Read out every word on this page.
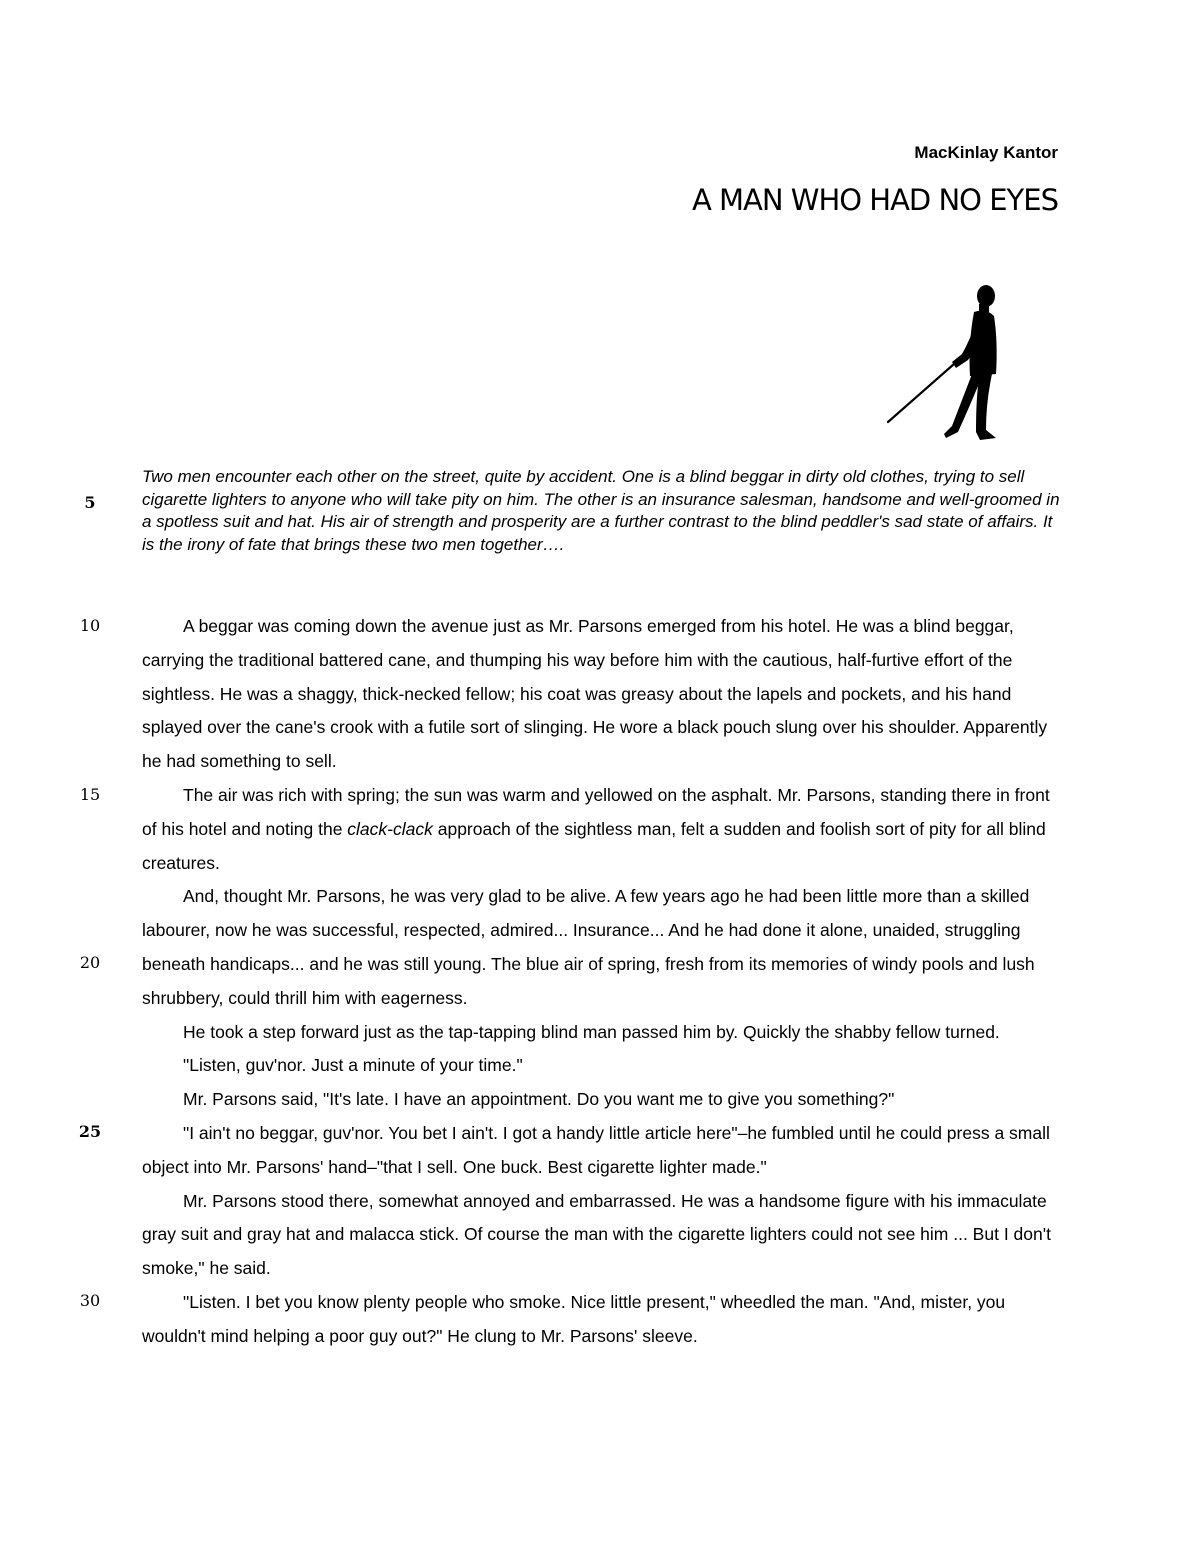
MacKinlay Kantor
A MAN WHO HAD NO EYES
5
10
15
20
25
30

Two men encounter each other on the street, quite by accident. One is a blind beggar in dirty old clothes, trying to sell cigarette lighters to anyone who will take pity on him. The other is an insurance salesman, handsome and well-groomed in a spotless suit and hat. His air of strength and prosperity are a further contrast to the blind peddler's sad state of affairs. It is the irony of fate that brings these two men together….

A beggar was coming down the avenue just as Mr. Parsons emerged from his hotel. He was a blind beggar, carrying the traditional battered cane, and thumping his way before him with the cautious, half-furtive effort of the sightless. He was a shaggy, thick-necked fellow; his coat was greasy about the lapels and pockets, and his hand splayed over the cane's crook with a futile sort of slinging. He wore a black pouch slung over his shoulder. Apparently he had something to sell.

The air was rich with spring; the sun was warm and yellowed on the asphalt. Mr. Parsons, standing there in front of his hotel and noting the clack-clack approach of the sightless man, felt a sudden and foolish sort of pity for all blind creatures.

And, thought Mr. Parsons, he was very glad to be alive. A few years ago he had been little more than a skilled labourer, now he was successful, respected, admired... Insurance... And he had done it alone, unaided, struggling beneath handicaps... and he was still young. The blue air of spring, fresh from its memories of windy pools and lush shrubbery, could thrill him with eagerness.

He took a step forward just as the tap-tapping blind man passed him by. Quickly the shabby fellow turned.

"Listen, guv'nor. Just a minute of your time."

Mr. Parsons said, "It's late. I have an appointment. Do you want me to give you something?"

"I ain't no beggar, guv'nor. You bet I ain't. I got a handy little article here"–he fumbled until he could press a small object into Mr. Parsons' hand–"that I sell. One buck. Best cigarette lighter made."

Mr. Parsons stood there, somewhat annoyed and embarrassed. He was a handsome figure with his immaculate gray suit and gray hat and malacca stick. Of course the man with the cigarette lighters could not see him ... But I don't smoke," he said.

"Listen. I bet you know plenty people who smoke. Nice little present," wheedled the man. "And, mister, you wouldn't mind helping a poor guy out?" He clung to Mr. Parsons' sleeve.
